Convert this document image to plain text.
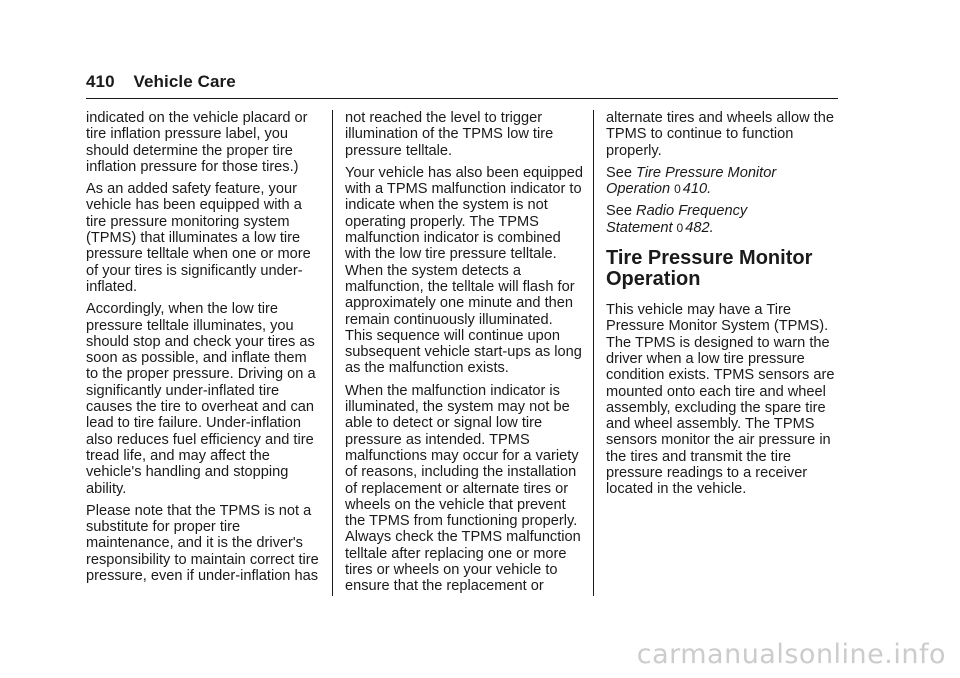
410 Vehicle Care

indicated on the vehicle placard or tire inflation pressure label, you should determine the proper tire inflation pressure for those tires.)

As an added safety feature, your vehicle has been equipped with a tire pressure monitoring system (TPMS) that illuminates a low tire pressure telltale when one or more of your tires is significantly under-inflated.

Accordingly, when the low tire pressure telltale illuminates, you should stop and check your tires as soon as possible, and inflate them to the proper pressure. Driving on a significantly under-inflated tire causes the tire to overheat and can lead to tire failure. Under-inflation also reduces fuel efficiency and tire tread life, and may affect the vehicle's handling and stopping ability.

Please note that the TPMS is not a substitute for proper tire maintenance, and it is the driver's responsibility to maintain correct tire pressure, even if under-inflation has

not reached the level to trigger illumination of the TPMS low tire pressure telltale.

Your vehicle has also been equipped with a TPMS malfunction indicator to indicate when the system is not operating properly. The TPMS malfunction indicator is combined with the low tire pressure telltale. When the system detects a malfunction, the telltale will flash for approximately one minute and then remain continuously illuminated. This sequence will continue upon subsequent vehicle start-ups as long as the malfunction exists.

When the malfunction indicator is illuminated, the system may not be able to detect or signal low tire pressure as intended. TPMS malfunctions may occur for a variety of reasons, including the installation of replacement or alternate tires or wheels on the vehicle that prevent the TPMS from functioning properly. Always check the TPMS malfunction telltale after replacing one or more tires or wheels on your vehicle to ensure that the replacement or

alternate tires and wheels allow the TPMS to continue to function properly.

See Tire Pressure Monitor Operation 0 410.

See Radio Frequency Statement 0 482.

Tire Pressure Monitor Operation

This vehicle may have a Tire Pressure Monitor System (TPMS). The TPMS is designed to warn the driver when a low tire pressure condition exists. TPMS sensors are mounted onto each tire and wheel assembly, excluding the spare tire and wheel assembly. The TPMS sensors monitor the air pressure in the tires and transmit the tire pressure readings to a receiver located in the vehicle.

carmanualsonline.info
